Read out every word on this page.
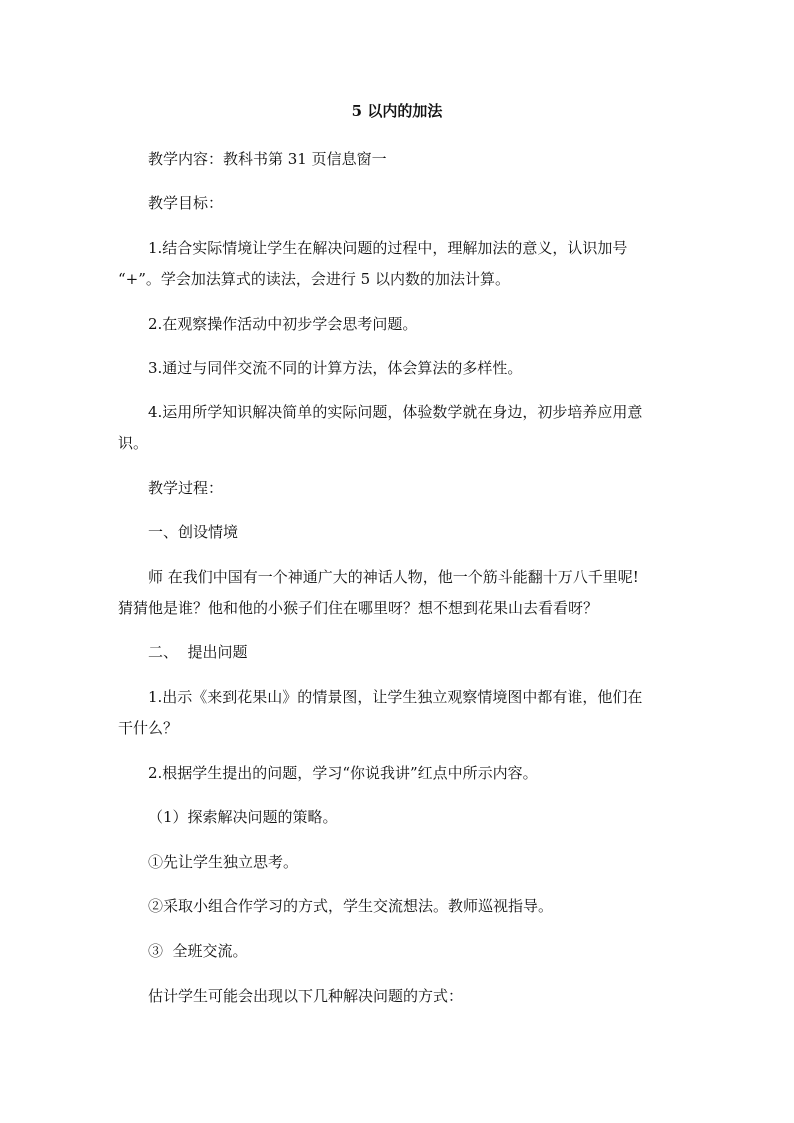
5 以内的加法
教学内容：教科书第 31 页信息窗一
教学目标：
1.结合实际情境让学生在解决问题的过程中，理解加法的意义，认识加号
“+”。学会加法算式的读法，会进行 5 以内数的加法计算。
2.在观察操作活动中初步学会思考问题。
3.通过与同伴交流不同的计算方法，体会算法的多样性。
4.运用所学知识解决简单的实际问题，体验数学就在身边，初步培养应用意
识。
教学过程：
一、创设情境
师 在我们中国有一个神通广大的神话人物，他一个筋斗能翻十万八千里呢!
猜猜他是谁？他和他的小猴子们住在哪里呀？想不想到花果山去看看呀？
二、  提出问题
1.出示《来到花果山》的情景图，让学生独立观察情境图中都有谁，他们在
干什么？
2.根据学生提出的问题，学习“你说我讲”红点中所示内容。
（1）探索解决问题的策略。
①先让学生独立思考。
②采取小组合作学习的方式，学生交流想法。教师巡视指导。
③  全班交流。
估计学生可能会出现以下几种解决问题的方式：
